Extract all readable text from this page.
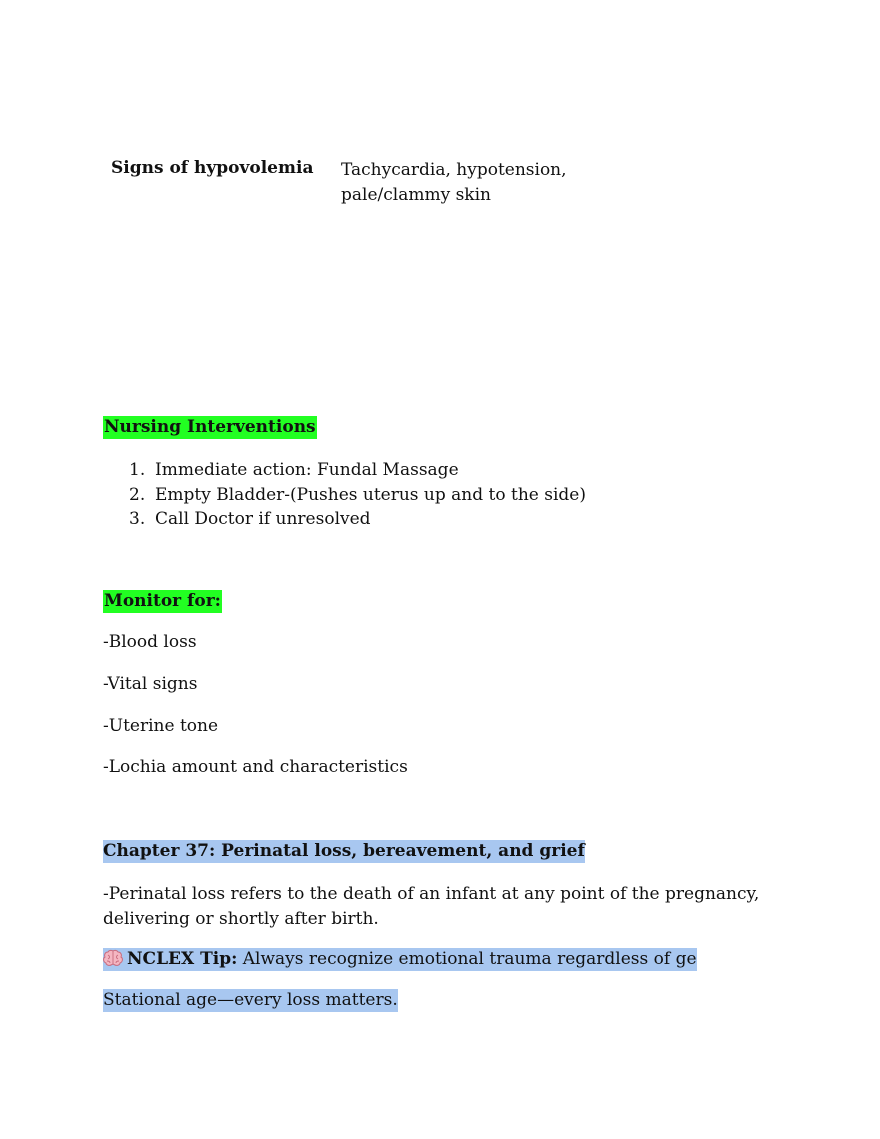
Signs of hypovolemia Tachycardia, hypotension,
pale/clammy skin
Nursing Interventions
1. Immediate action: Fundal Massage
2. Empty Bladder-(Pushes uterus up and to the side)
3. Call Doctor if unresolved
Monitor for:
-Blood loss
-Vital signs
-Uterine tone
-Lochia amount and characteristics
Chapter 37: Perinatal loss, bereavement, and grief
-Perinatal loss refers to the death of an infant at any point of the pregnancy,
delivering or shortly after birth.
NCLEX Tip: Always recognize emotional trauma regardless of ge
Stational age—every loss matters.
